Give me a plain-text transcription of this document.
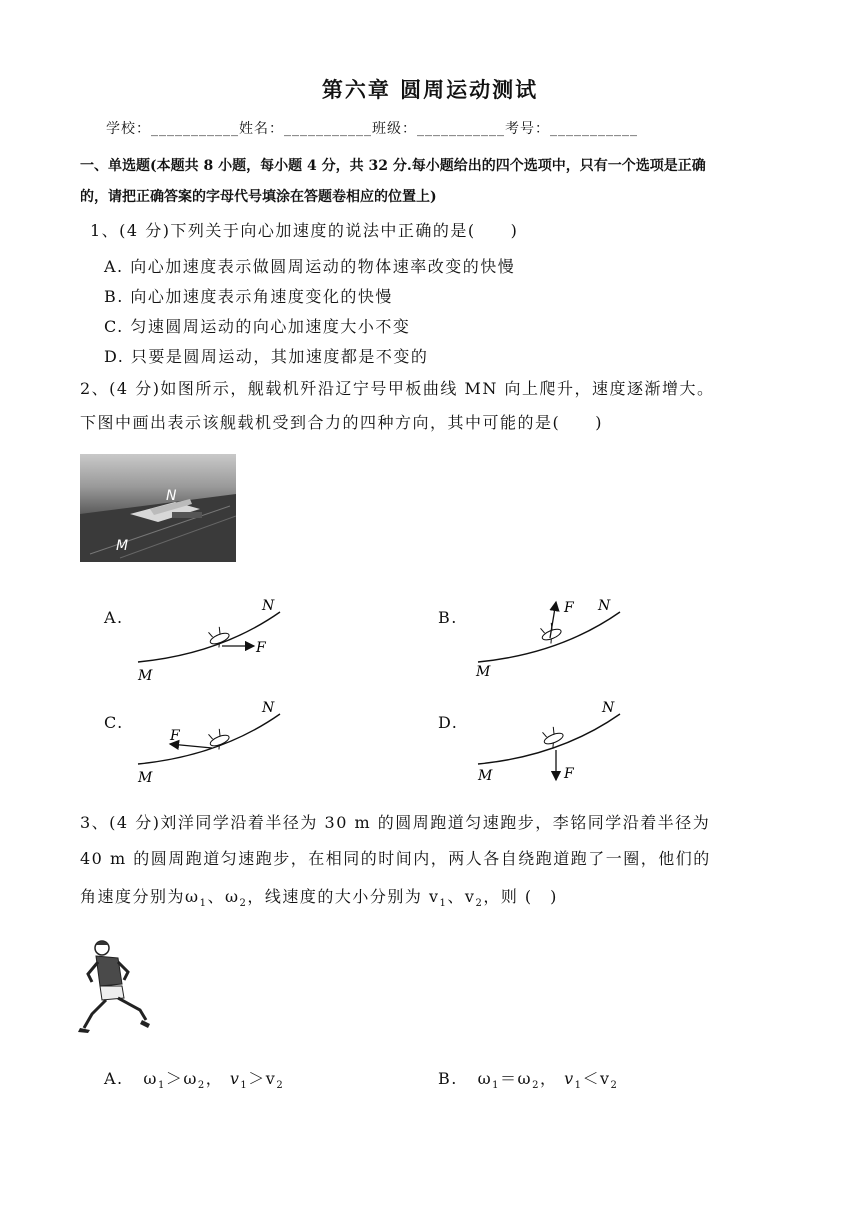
第六章 圆周运动测试
学校：___________姓名：___________班级：___________考号：___________
一、单选题(本题共 8 小题，每小题 4 分，共 32 分.每小题给出的四个选项中，只有一个选项是正确
的，请把正确答案的字母代号填涂在答题卷相应的位置上)
1、(4 分)下列关于向心加速度的说法中正确的是(　　)
A. 向心加速度表示做圆周运动的物体速率改变的快慢
B. 向心加速度表示角速度变化的快慢
C. 匀速圆周运动的向心加速度大小不变
D. 只要是圆周运动，其加速度都是不变的
2、(4 分)如图所示，舰载机歼沿辽宁号甲板曲线 MN 向上爬升，速度逐渐增大。
下图中画出表示该舰载机受到合力的四种方向，其中可能的是(　　)
N
M
A.	B.
C.	D.
F
N
M
F N
M
F
N
M	F
N
M
3、(4 分)刘洋同学沿着半径为 30 m 的圆周跑道匀速跑步，李铭同学沿着半径为
40 m 的圆周跑道匀速跑步，在相同的时间内，两人各自绕跑道跑了一圈，他们的
角速度分别为$\omega_1$、$\omega_2$，线速度的大小分别为 $v_1$、$v_2$，则 (　)
A. $\omega_1>\omega_2$， $v_1>v_2$	B. $\omega_1=\omega_2$， $v_1<v_2$
